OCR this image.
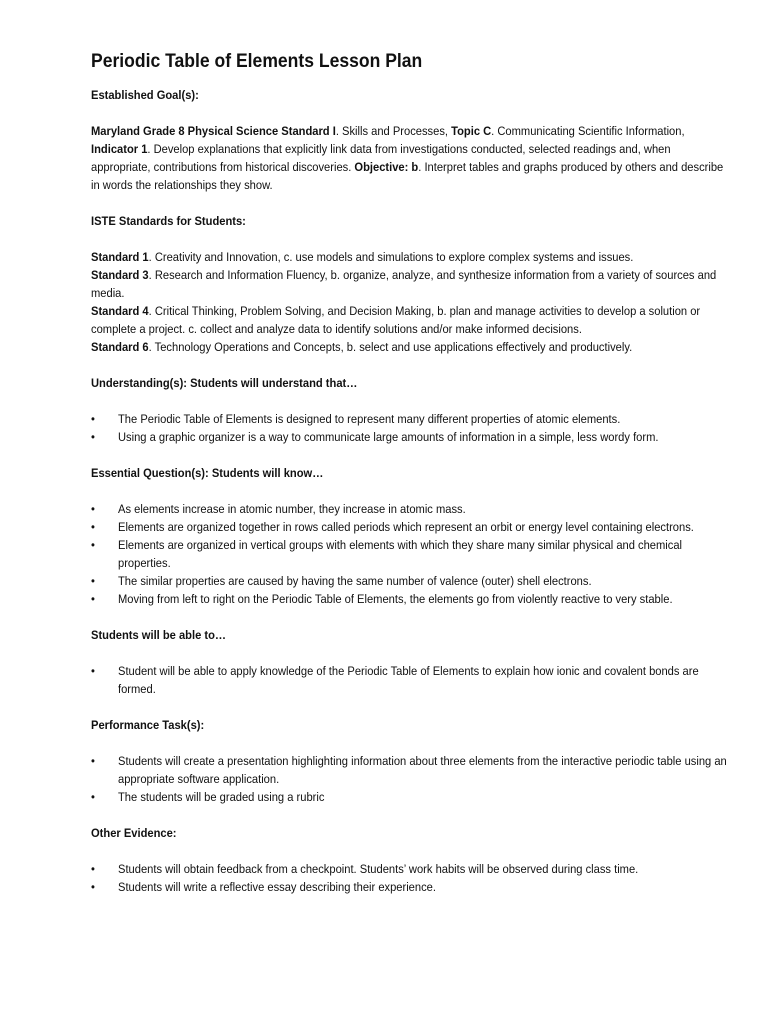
Periodic Table of Elements Lesson Plan
Established Goal(s):

Maryland Grade 8 Physical Science Standard I. Skills and Processes, Topic C. Communicating Scientific Information, Indicator 1. Develop explanations that explicitly link data from investigations conducted, selected readings and, when appropriate, contributions from historical discoveries. Objective: b. Interpret tables and graphs produced by others and describe in words the relationships they show.

ISTE Standards for Students:

Standard 1. Creativity and Innovation, c. use models and simulations to explore complex systems and issues.
Standard 3. Research and Information Fluency, b. organize, analyze, and synthesize information from a variety of sources and media.
Standard 4. Critical Thinking, Problem Solving, and Decision Making, b. plan and manage activities to develop a solution or complete a project. c. collect and analyze data to identify solutions and/or make informed decisions.
Standard 6. Technology Operations and Concepts, b. select and use applications effectively and productively.

Understanding(s): Students will understand that…
• The Periodic Table of Elements is designed to represent many different properties of atomic elements.
• Using a graphic organizer is a way to communicate large amounts of information in a simple, less wordy form.
Essential Question(s): Students will know…
• As elements increase in atomic number, they increase in atomic mass.
• Elements are organized together in rows called periods which represent an orbit or energy level containing electrons.
• Elements are organized in vertical groups with elements with which they share many similar physical and chemical properties.
• The similar properties are caused by having the same number of valence (outer) shell electrons.
• Moving from left to right on the Periodic Table of Elements, the elements go from violently reactive to very stable.
Students will be able to…
• Student will be able to apply knowledge of the Periodic Table of Elements to explain how ionic and covalent bonds are formed.
Performance Task(s):
• Students will create a presentation highlighting information about three elements from the interactive periodic table using an appropriate software application.
• The students will be graded using a rubric
Other Evidence:
• Students will obtain feedback from a checkpoint. Students’ work habits will be observed during class time.
• Students will write a reflective essay describing their experience.
